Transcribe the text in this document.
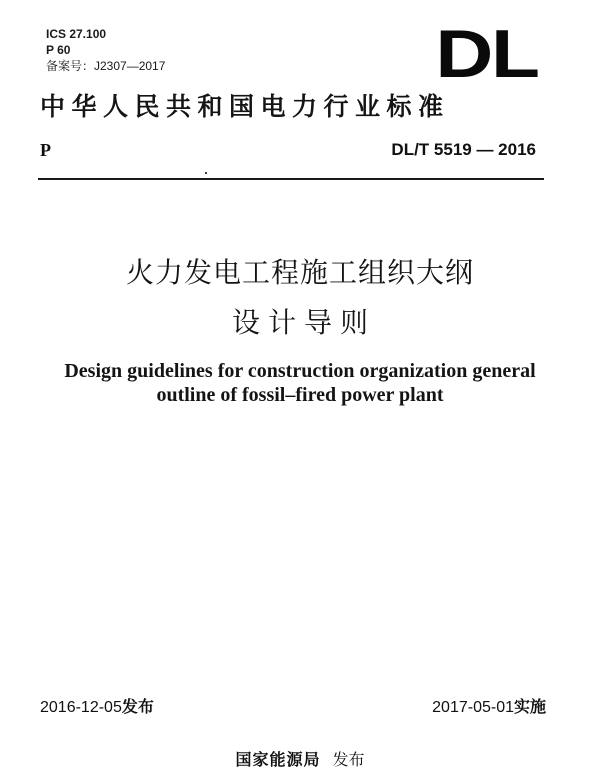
ICS 27.100
P 60
备案号：J2307—2017	DL
中华人民共和国电力行业标准
P	DL/T 5519 — 2016
火力发电工程施工组织大纲
设计导则
Design guidelines for construction organization general
outline of fossil–fired power plant
2016-12-05发布	2017-05-01实施
国家能源局 发布
